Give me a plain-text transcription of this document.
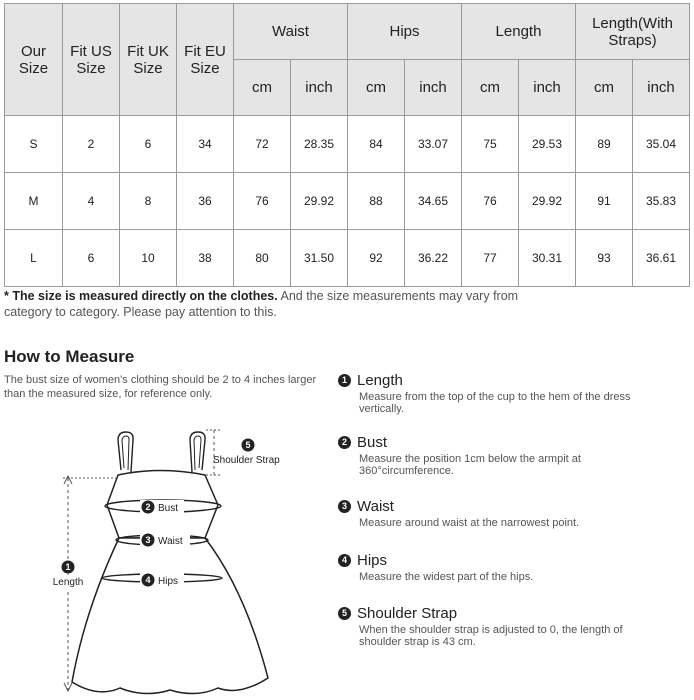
Our Size	Fit US Size	Fit UK Size	Fit EU Size	Waist		Hips		Length		Length(With Straps)	
				cm	inch	cm	inch	cm	inch	cm	inch
S	2	6	34	72	28.35	84	33.07	75	29.53	89	35.04
M	4	8	36	76	29.92	88	34.65	76	29.92	91	35.83
L	6	10	38	80	31.50	92	36.22	77	30.31	93	36.61
* The size is measured directly on the clothes. And the size measurements may vary from category to category. Please pay attention to this.
How to Measure
The bust size of women's clothing should be 2 to 4 inches larger than the measured size, for reference only.
1
Length
2 Bust
3 Waist
4 Hips
5
Shoulder Strap
1 Length
Measure from the top of the cup to the hem of the dress vertically.
2 Bust
Measure the position 1cm below the armpit at 360°circumference.
3 Waist
Measure around waist at the narrowest point.
4 Hips
Measure the widest part of the hips.
5 Shoulder Strap
When the shoulder strap is adjusted to 0, the length of shoulder strap is 43 cm.
